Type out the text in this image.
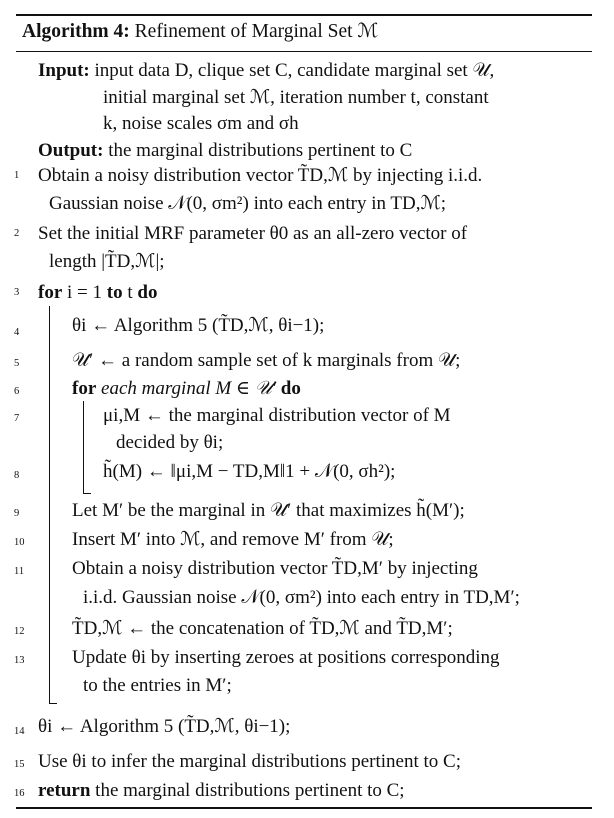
Algorithm 4: Refinement of Marginal Set ℳ
Input: input data D, clique set C, candidate marginal set 𝒰,
initial marginal set ℳ, iteration number t, constant
k, noise scales σm and σh
Output: the marginal distributions pertinent to C
1 Obtain a noisy distribution vector T̃D,ℳ by injecting i.i.d.
Gaussian noise 𝒩(0, σm²) into each entry in TD,ℳ;
2 Set the initial MRF parameter θ0 as an all-zero vector of
length |T̃D,ℳ|;
3 for i = 1 to t do
4	θi ← Algorithm 5 (T̃D,ℳ, θi−1);
5	𝒰′ ← a random sample set of k marginals from 𝒰;
6	for each marginal M ∈ 𝒰′ do
7	μi,M ← the marginal distribution vector of M
decided by θi;
8	h̃(M) ← ‖μi,M − TD,M‖1 + 𝒩(0, σh²);
9	Let M′ be the marginal in 𝒰′ that maximizes h̃(M′);
10	Insert M′ into ℳ, and remove M′ from 𝒰;
11	Obtain a noisy distribution vector T̃D,M′ by injecting
i.i.d. Gaussian noise 𝒩(0, σm²) into each entry in TD,M′;
12	T̃D,ℳ ← the concatenation of T̃D,ℳ and T̃D,M′;
13	Update θi by inserting zeroes at positions corresponding
to the entries in M′;
14 θi ← Algorithm 5 (T̃D,ℳ, θi−1);
15 Use θi to infer the marginal distributions pertinent to C;
16 return the marginal distributions pertinent to C;
